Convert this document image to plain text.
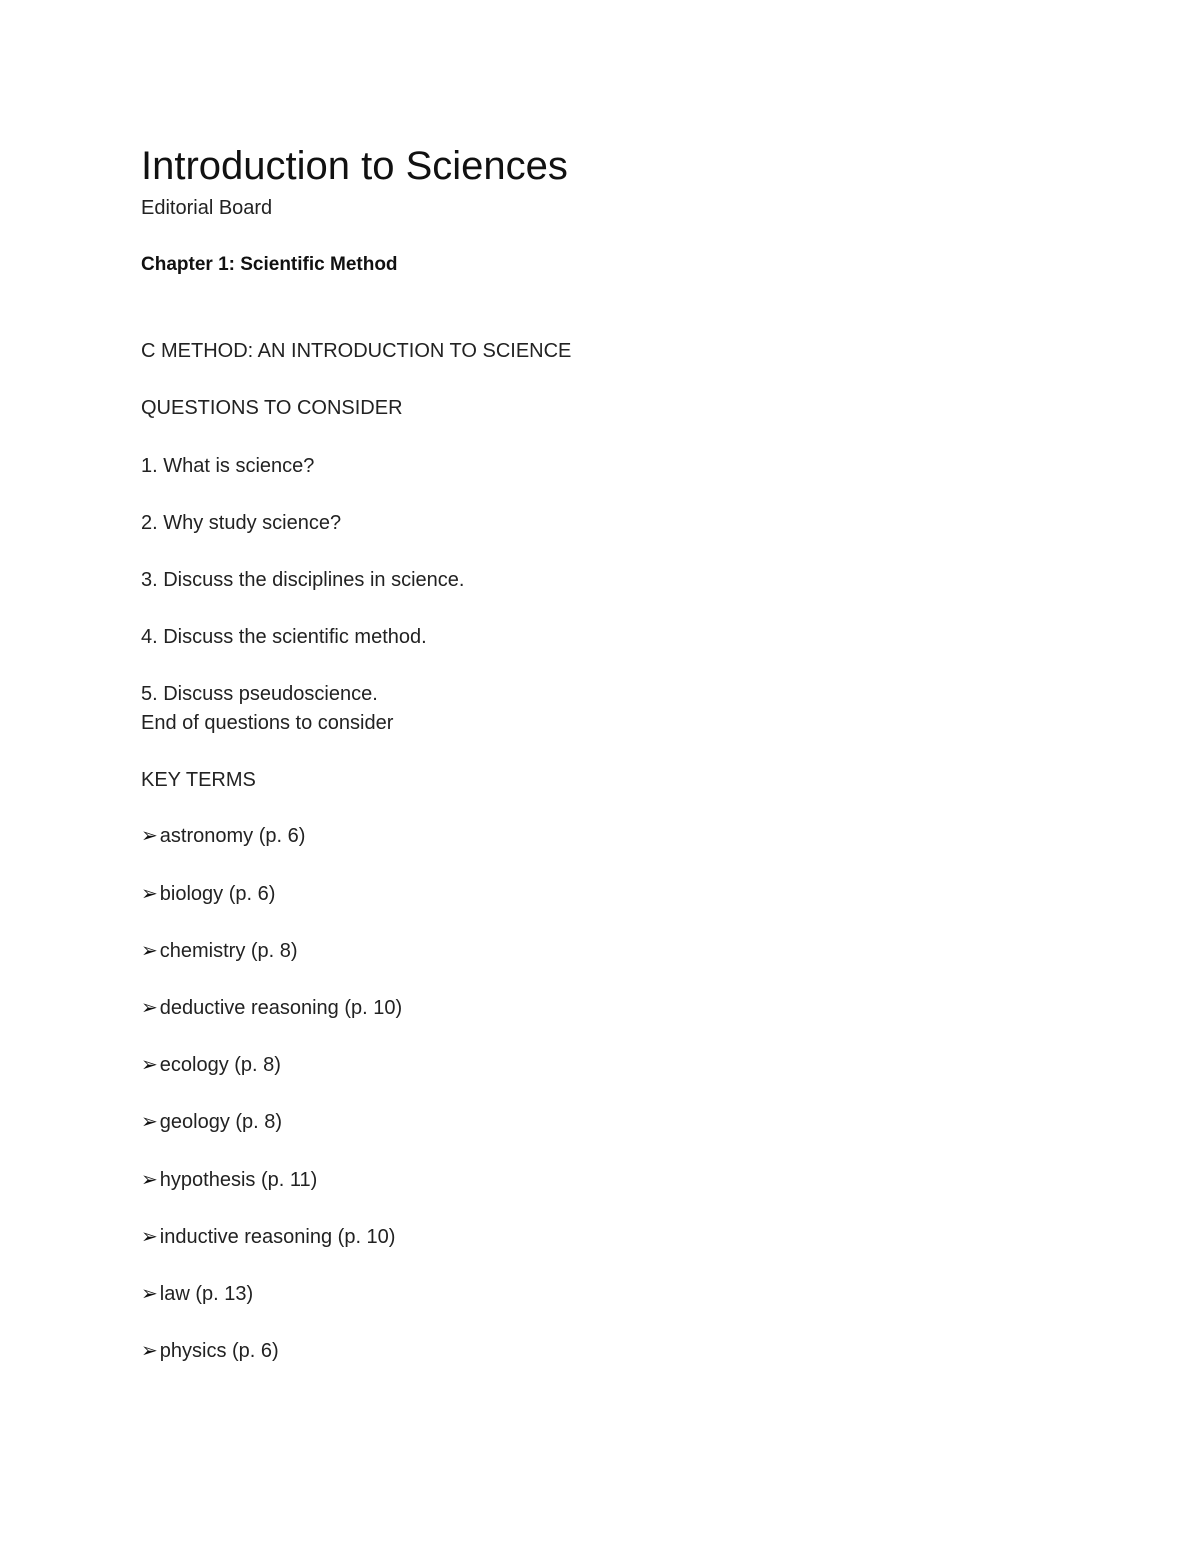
Introduction to Sciences
Editorial Board
Chapter 1: Scientific Method
C METHOD: AN INTRODUCTION TO SCIENCE
QUESTIONS TO CONSIDER
1. What is science?
2. Why study science?
3. Discuss the disciplines in science.
4. Discuss the scientific method.
5. Discuss pseudoscience.
End of questions to consider
KEY TERMS
➢ astronomy (p. 6)
➢ biology (p. 6)
➢ chemistry (p. 8)
➢ deductive reasoning (p. 10)
➢ ecology (p. 8)
➢ geology (p. 8)
➢ hypothesis (p. 11)
➢ inductive reasoning (p. 10)
➢ law (p. 13)
➢ physics (p. 6)
